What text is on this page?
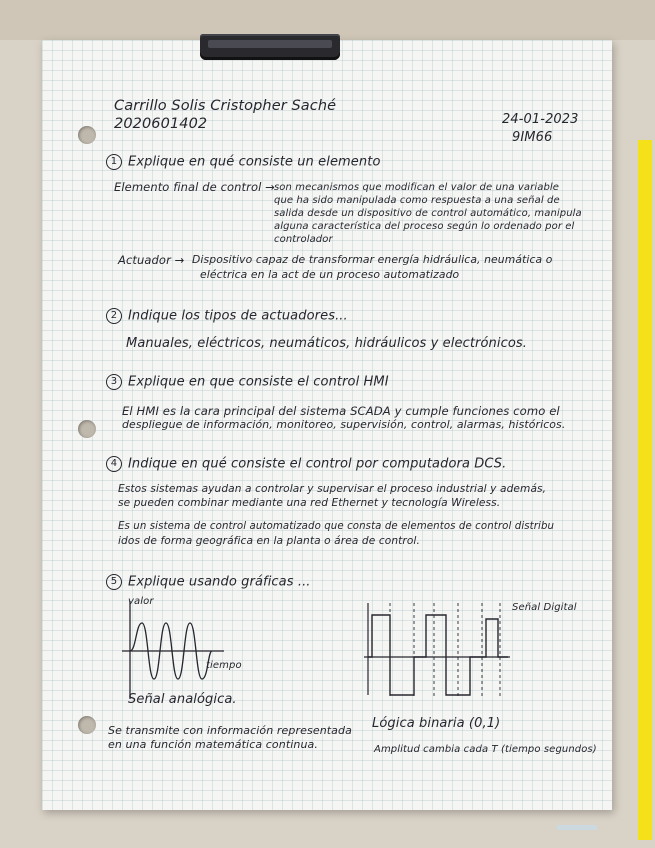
Carrillo Solis Cristopher Saché
2020601402	24-01-2023
9IM66
1 Explique en qué consiste un elemento
Elemento final de control → son mecanismos que modifican el valor de una variable
que ha sido manipulada como respuesta a una señal de
salida desde un dispositivo de control automático, manipula
alguna característica del proceso según lo ordenado por el
controlador
Actuador → Dispositivo capaz de transformar energía hidráulica, neumática o
eléctrica en la act de un proceso automatizado
2 Indique los tipos de actuadores...
Manuales, eléctricos, neumáticos, hidráulicos y electrónicos.
3 Explique en que consiste el control HMI
El HMI es la cara principal del sistema SCADA y cumple funciones como el
despliegue de información, monitoreo, supervisión, control, alarmas, históricos.
4 Indique en qué consiste el control por computadora DCS.
Estos sistemas ayudan a controlar y supervisar el proceso industrial y además,
se pueden combinar mediante una red Ethernet y tecnología Wireless.
Es un sistema de control automatizado que consta de elementos de control distribu
idos de forma geográfica en la planta o área de control.
5 Explique usando gráficas ...
valor
tiempo
Señal analógica.
Se transmite con información representada
en una función matemática continua.
Señal Digital
Lógica binaria (0,1)
Amplitud cambia cada T (tiempo segundos)
